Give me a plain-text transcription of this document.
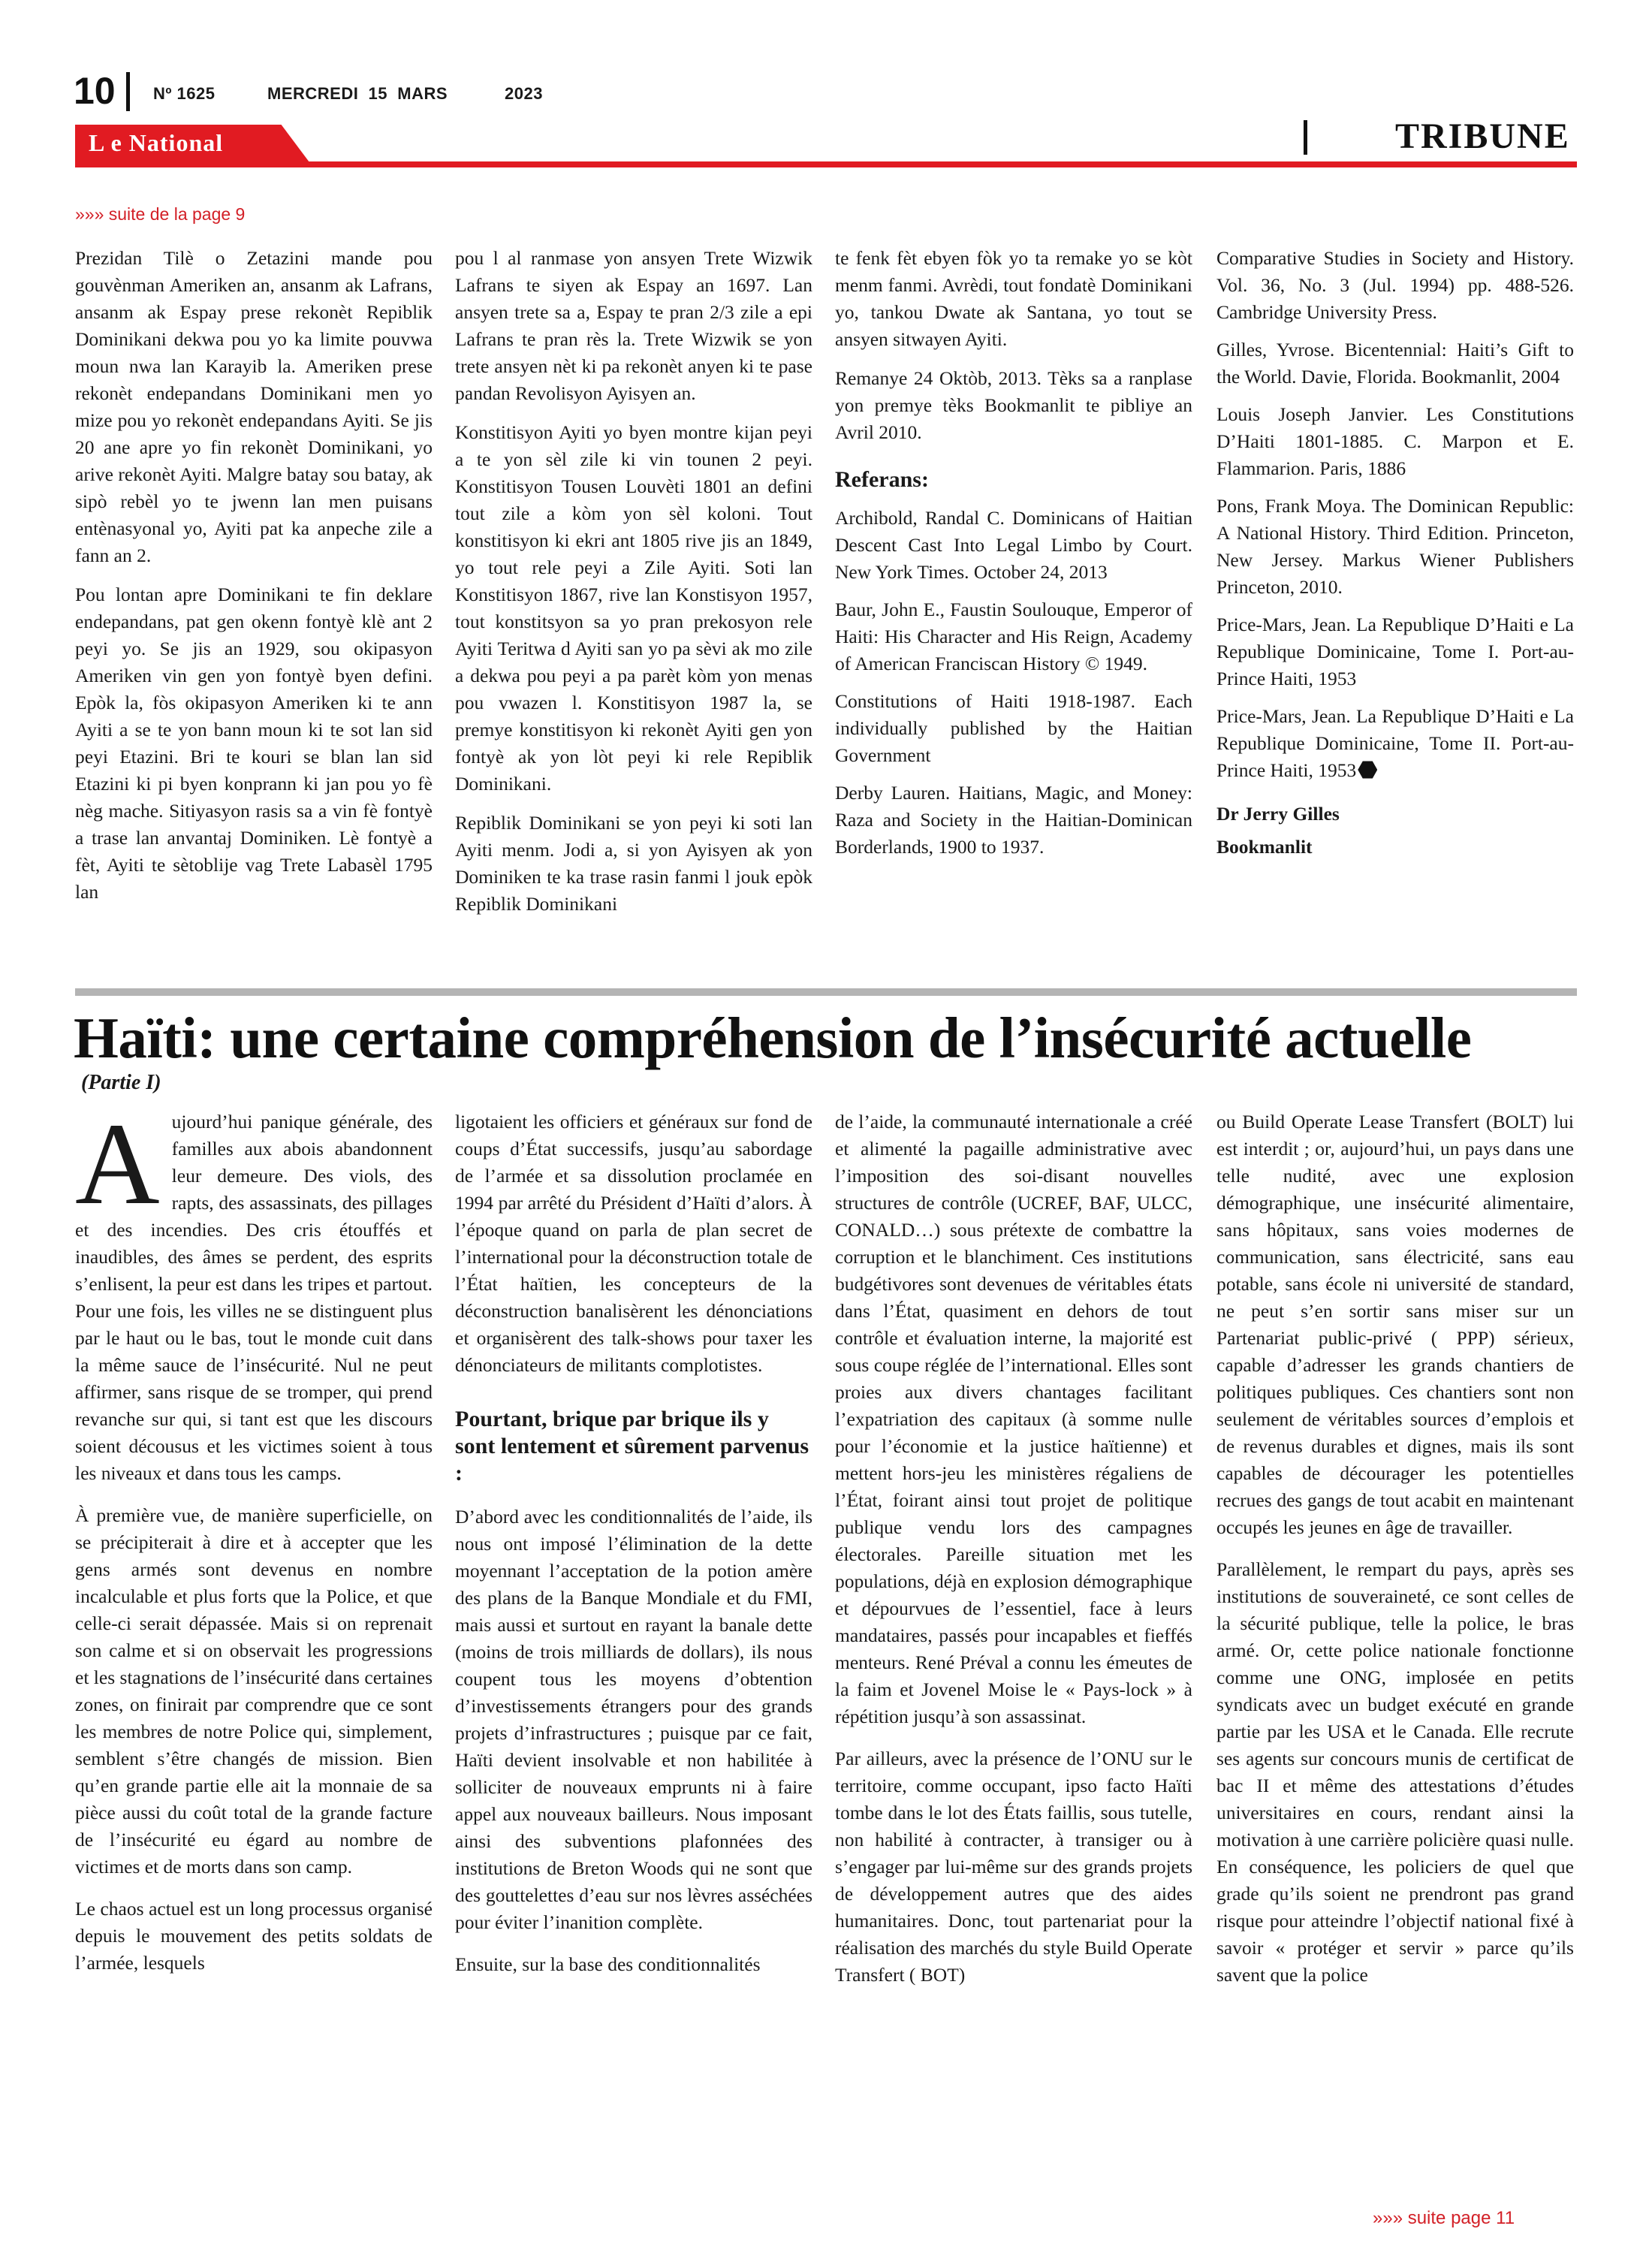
10 Nº 1625	MERCREDI  15  MARS	2023
L e National	TRIBUNE
»»» suite de la page 9

Prezidan Tilè o Zetazini mande pou gouvènman Ameriken an, ansanm ak Lafrans, ansanm ak Espay prese rekonèt Repiblik Dominikani dekwa pou yo ka limite pouvwa moun nwa lan Karayib la. Ameriken prese rekonèt endepandans Dominikani men yo mize pou yo rekonèt endepandans Ayiti. Se jis 20 ane apre yo fin rekonèt Dominikani, yo arive rekonèt Ayiti. Malgre batay sou batay, ak sipò rebèl yo te jwenn lan men puisans entènasyonal yo, Ayiti pat ka anpeche zile a fann an 2.

Pou lontan apre Dominikani te fin deklare endepandans, pat gen okenn fontyè klè ant 2 peyi yo. Se jis an 1929, sou okipasyon Ameriken vin gen yon fontyè byen defini. Epòk la, fòs okipasyon Ameriken ki te ann Ayiti a se te yon bann moun ki te sot lan sid peyi Etazini. Bri te kouri se blan lan sid Etazini ki pi byen konprann ki jan pou yo fè nèg mache. Sitiyasyon rasis sa a vin fè fontyè a trase lan anvantaj Dominiken. Lè fontyè a fèt, Ayiti te sètoblije vag Trete Labasèl 1795 lan

pou l al ranmase yon ansyen Trete Wizwik Lafrans te siyen ak Espay an 1697. Lan ansyen trete sa a, Espay te pran 2/3 zile a epi Lafrans te pran rès la. Trete Wizwik se yon trete ansyen nèt ki pa rekonèt anyen ki te pase pandan Revolisyon Ayisyen an.

Konstitisyon Ayiti yo byen montre kijan peyi a te yon sèl zile ki vin tounen 2 peyi. Konstitisyon Tousen Louvèti 1801 an defini tout zile a kòm yon sèl koloni. Tout konstitisyon ki ekri ant 1805 rive jis an 1849, yo tout rele peyi a Zile Ayiti. Soti lan Konstitisyon 1867, rive lan Konstisyon 1957, tout konstitsyon sa yo pran prekosyon rele Ayiti Teritwa d Ayiti san yo pa sèvi ak mo zile a dekwa pou peyi a pa parèt kòm yon menas pou vwazen l. Konstitisyon 1987 la, se premye konstitisyon ki rekonèt Ayiti gen yon fontyè ak yon lòt peyi ki rele Repiblik Dominikani.

Repiblik Dominikani se yon peyi ki soti lan Ayiti menm. Jodi a, si yon Ayisyen ak yon Dominiken te ka trase rasin fanmi l jouk epòk Repiblik Dominikani

te fenk fèt ebyen fòk yo ta remake yo se kòt menm fanmi. Avrèdi, tout fondatè Dominikani yo, tankou Dwate ak Santana, yo tout se ansyen sitwayen Ayiti.

Remanye 24 Oktòb, 2013. Tèks sa a ranplase yon premye tèks Bookmanlit te pibliye an Avril 2010.

Referans:

Archibold, Randal C. Dominicans of Haitian Descent Cast Into Legal Limbo by Court. New York Times. October 24, 2013

Baur, John E., Faustin Soulouque, Emperor of Haiti: His Character and His Reign, Academy of American Franciscan History © 1949.

Constitutions of Haiti 1918-1987. Each individually published by the Haitian Government

Derby Lauren. Haitians, Magic, and Money: Raza and Society in the Haitian-Dominican Borderlands, 1900 to 1937.

Comparative Studies in Society and History. Vol. 36, No. 3 (Jul. 1994) pp. 488-526. Cambridge University Press.

Gilles, Yvrose. Bicentennial: Haiti’s Gift to the World. Davie, Florida. Bookmanlit, 2004

Louis Joseph Janvier. Les Constitutions D’Haiti 1801-1885. C. Marpon et E. Flammarion. Paris, 1886

Pons, Frank Moya. The Dominican Republic: A National History. Third Edition. Princeton, New Jersey. Markus Wiener Publishers Princeton, 2010.

Price-Mars, Jean. La Republique D’Haiti e La Republique Dominicaine, Tome I. Port-au-Prince Haiti, 1953

Price-Mars, Jean. La Republique D’Haiti e La Republique Dominicaine, Tome II. Port-au-Prince Haiti, 1953

Dr Jerry Gilles

Bookmanlit

Haïti: une certaine compréhension de l’insécurité actuelle
(Partie I)

Aujourd’hui panique générale, des familles aux abois abandonnent leur demeure. Des viols, des rapts, des assassinats, des pillages et des incendies. Des cris étouffés et inaudibles, des âmes se perdent, des esprits s’enlisent, la peur est dans les tripes et partout. Pour une fois, les villes ne se distinguent plus par le haut ou le bas, tout le monde cuit dans la même sauce de l’insécurité. Nul ne peut affirmer, sans risque de se tromper, qui prend revanche sur qui, si tant est que les discours soient décousus et les victimes soient à tous les niveaux et dans tous les camps.

À première vue, de manière superficielle, on se précipiterait à dire et à accepter que les gens armés sont devenus en nombre incalculable et plus forts que la Police, et que celle-ci serait dépassée. Mais si on reprenait son calme et si on observait les progressions et les stagnations de l’insécurité dans certaines zones, on finirait par comprendre que ce sont les membres de notre Police qui, simplement, semblent s’être changés de mission. Bien qu’en grande partie elle ait la monnaie de sa pièce aussi du coût total de la grande facture de l’insécurité eu égard au nombre de victimes et de morts dans son camp.

Le chaos actuel est un long processus organisé depuis le mouvement des petits soldats de l’armée, lesquels

ligotaient les officiers et généraux sur fond de coups d’État successifs, jusqu’au sabordage de l’armée et sa dissolution proclamée en 1994 par arrêté du Président d’Haïti d’alors. À l’époque quand on parla de plan secret de l’international pour la déconstruction totale de l’État haïtien, les concepteurs de la déconstruction banalisèrent les dénonciations et organisèrent des talk-shows pour taxer les dénonciateurs de militants complotistes.

Pourtant, brique par brique ils y sont lentement et sûrement parvenus :

D’abord avec les conditionnalités de l’aide, ils nous ont imposé l’élimination de la dette moyennant l’acceptation de la potion amère des plans de la Banque Mondiale et du FMI, mais aussi et surtout en rayant la banale dette (moins de trois milliards de dollars), ils nous coupent tous les moyens d’obtention d’investissements étrangers pour des grands projets d’infrastructures ; puisque par ce fait, Haïti devient insolvable et non habilitée à solliciter de nouveaux emprunts ni à faire appel aux nouveaux bailleurs. Nous imposant ainsi des subventions plafonnées des institutions de Breton Woods qui ne sont que des gouttelettes d’eau sur nos lèvres asséchées pour éviter l’inanition complète.

Ensuite, sur la base des conditionnalités

de l’aide, la communauté internationale a créé et alimenté la pagaille administrative avec l’imposition des soi-disant nouvelles structures de contrôle (UCREF, BAF, ULCC, CONALD…) sous prétexte de combattre la corruption et le blanchiment. Ces institutions budgétivores sont devenues de véritables états dans l’État, quasiment en dehors de tout contrôle et évaluation interne, la majorité est sous coupe réglée de l’international. Elles sont proies aux divers chantages facilitant l’expatriation des capitaux (à somme nulle pour l’économie et la justice haïtienne) et mettent hors-jeu les ministères régaliens de l’État, foirant ainsi tout projet de politique publique vendu lors des campagnes électorales. Pareille situation met les populations, déjà en explosion démographique et dépourvues de l’essentiel, face à leurs mandataires, passés pour incapables et fieffés menteurs. René Préval a connu les émeutes de la faim et Jovenel Moise le « Pays-lock » à répétition jusqu’à son assassinat.

Par ailleurs, avec la présence de l’ONU sur le territoire, comme occupant, ipso facto Haïti tombe dans le lot des États faillis, sous tutelle, non habilité à contracter, à transiger ou à s’engager par lui-même sur des grands projets de développement autres que des aides humanitaires. Donc, tout partenariat pour la réalisation des marchés du style Build Operate Transfert ( BOT)

ou Build Operate Lease Transfert (BOLT) lui est interdit ; or, aujourd’hui, un pays dans une telle nudité, avec une explosion démographique, une insécurité alimentaire, sans hôpitaux, sans voies modernes de communication, sans électricité, sans eau potable, sans école ni université de standard, ne peut s’en sortir sans miser sur un Partenariat public-privé ( PPP) sérieux, capable d’adresser les grands chantiers de politiques publiques. Ces chantiers sont non seulement de véritables sources d’emplois et de revenus durables et dignes, mais ils sont capables de décourager les potentielles recrues des gangs de tout acabit en maintenant occupés les jeunes en âge de travailler.

Parallèlement, le rempart du pays, après ses institutions de souveraineté, ce sont celles de la sécurité publique, telle la police, le bras armé. Or, cette police nationale fonctionne comme une ONG, implosée en petits syndicats avec un budget exécuté en grande partie par les USA et le Canada. Elle recrute ses agents sur concours munis de certificat de bac II et même des attestations d’études universitaires en cours, rendant ainsi la motivation à une carrière policière quasi nulle. En conséquence, les policiers de quel que grade qu’ils soient ne prendront pas grand risque pour atteindre l’objectif national fixé à savoir « protéger et servir » parce qu’ils savent que la police

»»» suite page 11
